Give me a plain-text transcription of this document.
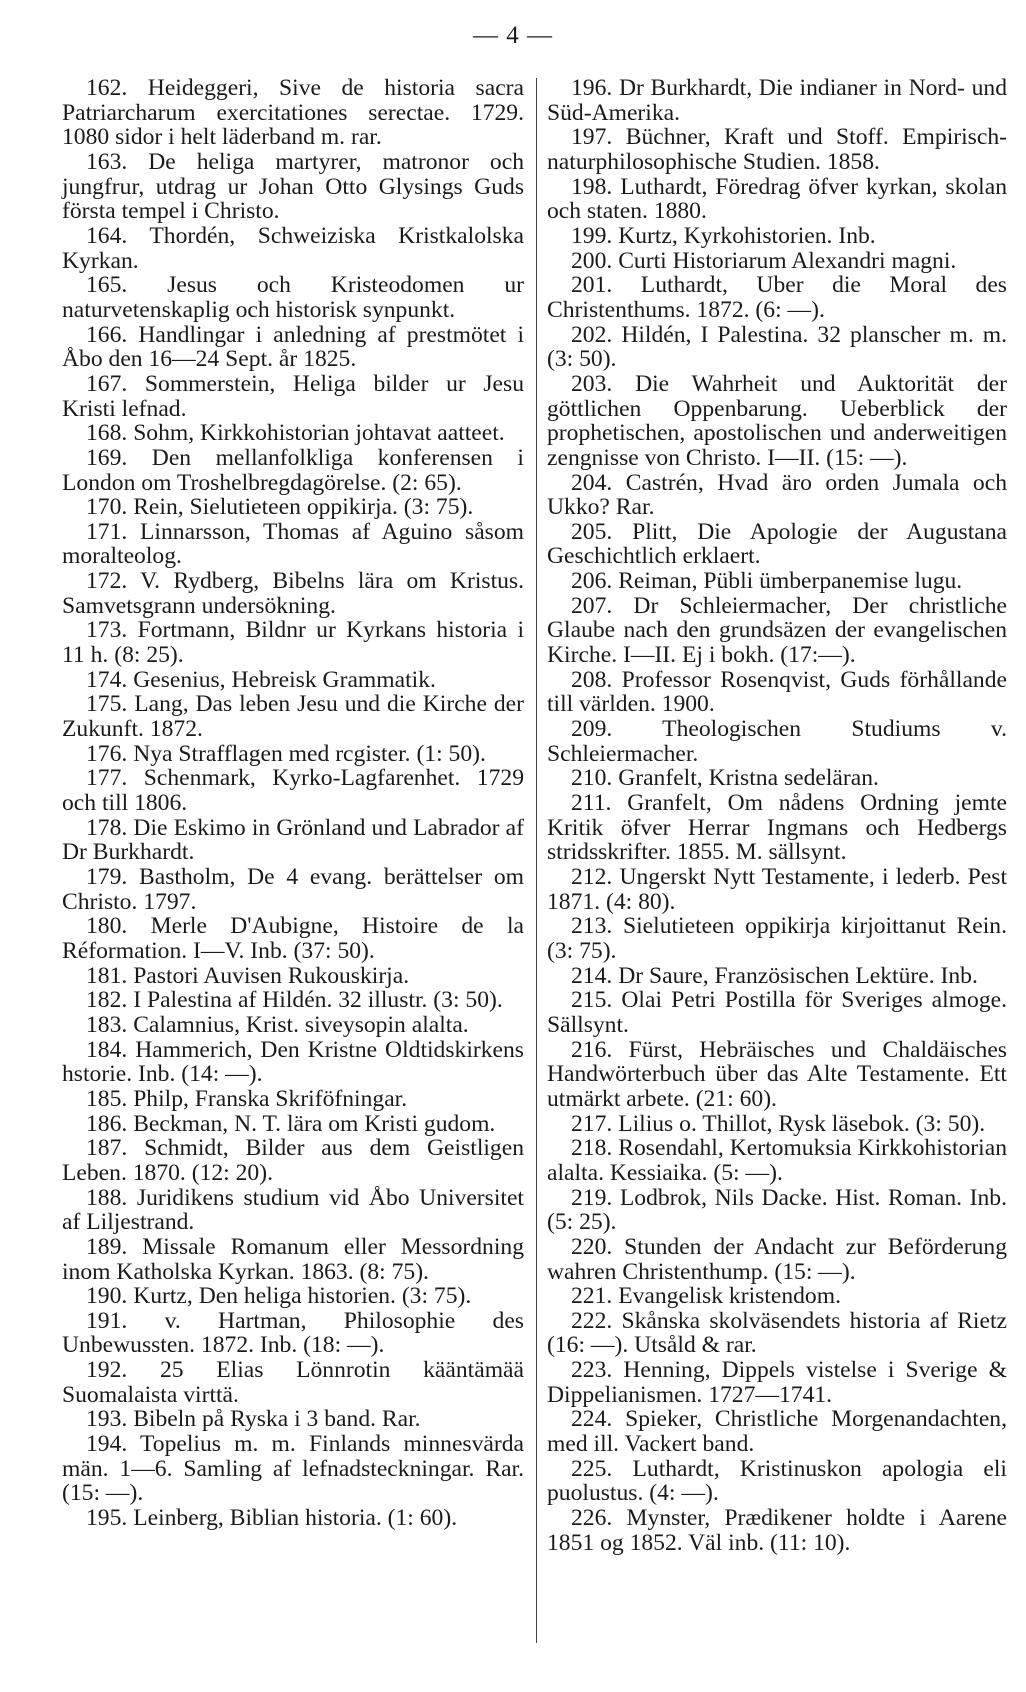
— 4 —

162. Heideggeri, Sive de historia sacra Patriarcharum exercitationes serectae. 1729. 1080 sidor i helt läderband m. rar.

163. De heliga martyrer, matronor och jungfrur, utdrag ur Johan Otto Glysings Guds första tempel i Christo.

164. Thordén, Schweiziska Kristkalolska Kyrkan.

165. Jesus och Kristeodomen ur naturvetenskaplig och historisk synpunkt.

166. Handlingar i anledning af prestmötet i Åbo den 16—24 Sept. år 1825.

167. Sommerstein, Heliga bilder ur Jesu Kristi lefnad.

168. Sohm, Kirkkohistorian johtavat aatteet.

169. Den mellanfolkliga konferensen i London om Troshelbregdagörelse. (2: 65).

170. Rein, Sielutieteen oppikirja. (3: 75).

171. Linnarsson, Thomas af Aguino såsom moralteolog.

172. V. Rydberg, Bibelns lära om Kristus. Samvetsgrann undersökning.

173. Fortmann, Bildnr ur Kyrkans historia i 11 h. (8: 25).

174. Gesenius, Hebreisk Grammatik.

175. Lang, Das leben Jesu und die Kirche der Zukunft. 1872.

176. Nya Strafflagen med rcgister. (1: 50).

177. Schenmark, Kyrko-Lagfarenhet. 1729 och till 1806.

178. Die Eskimo in Grönland und Labrador af Dr Burkhardt.

179. Bastholm, De 4 evang. berättelser om Christo. 1797.

180. Merle D'Aubigne, Histoire de la Réformation. I—V. Inb. (37: 50).

181. Pastori Auvisen Rukouskirja.

182. I Palestina af Hildén. 32 illustr. (3: 50).

183. Calamnius, Krist. siveysopin alalta.

184. Hammerich, Den Kristne Oldtidskirkens hstorie. Inb. (14: —).

185. Philp, Franska Skriföfningar.

186. Beckman, N. T. lära om Kristi gudom.

187. Schmidt, Bilder aus dem Geistligen Leben. 1870. (12: 20).

188. Juridikens studium vid Åbo Universitet af Liljestrand.

189. Missale Romanum eller Messordning inom Katholska Kyrkan. 1863. (8: 75).

190. Kurtz, Den heliga historien. (3: 75).

191. v. Hartman, Philosophie des Unbewussten. 1872. Inb. (18: —).

192. 25 Elias Lönnrotin kääntämää Suomalaista virttä.

193. Bibeln på Ryska i 3 band. Rar.

194. Topelius m. m. Finlands minnesvärda män. 1—6. Samling af lefnadsteckningar. Rar. (15: —).

195. Leinberg, Biblian historia. (1: 60).

196. Dr Burkhardt, Die indianer in Nord- und Süd-Amerika.

197. Büchner, Kraft und Stoff. Empirisch-naturphilosophische Studien. 1858.

198. Luthardt, Föredrag öfver kyrkan, skolan och staten. 1880.

199. Kurtz, Kyrkohistorien. Inb.

200. Curti Historiarum Alexandri magni.

201. Luthardt, Uber die Moral des Christenthums. 1872. (6: —).

202. Hildén, I Palestina. 32 planscher m. m. (3: 50).

203. Die Wahrheit und Auktorität der göttlichen Oppenbarung. Ueberblick der prophetischen, apostolischen und anderweitigen zengnisse von Christo. I—II. (15: —).

204. Castrén, Hvad äro orden Jumala och Ukko? Rar.

205. Plitt, Die Apologie der Augustana Geschichtlich erklaert.

206. Reiman, Pübli ümberpanemise lugu.

207. Dr Schleiermacher, Der christliche Glaube nach den grundsäzen der evangelischen Kirche. I—II. Ej i bokh. (17:—).

208. Professor Rosenqvist, Guds förhållande till världen. 1900.

209. Theologischen Studiums v. Schleiermacher.

210. Granfelt, Kristna sedeläran.

211. Granfelt, Om nådens Ordning jemte Kritik öfver Herrar Ingmans och Hedbergs stridsskrifter. 1855. M. sällsynt.

212. Ungerskt Nytt Testamente, i lederb. Pest 1871. (4: 80).

213. Sielutieteen oppikirja kirjoittanut Rein. (3: 75).

214. Dr Saure, Französischen Lektüre. Inb.

215. Olai Petri Postilla för Sveriges almoge. Sällsynt.

216. Fürst, Hebräisches und Chaldäisches Handwörterbuch über das Alte Testamente. Ett utmärkt arbete. (21: 60).

217. Lilius o. Thillot, Rysk läsebok. (3: 50).

218. Rosendahl, Kertomuksia Kirkkohistorian alalta. Kessiaika. (5: —).

219. Lodbrok, Nils Dacke. Hist. Roman. Inb. (5: 25).

220. Stunden der Andacht zur Beförderung wahren Christenthump. (15: —).

221. Evangelisk kristendom.

222. Skånska skolväsendets historia af Rietz (16: —). Utsåld & rar.

223. Henning, Dippels vistelse i Sverige & Dippelianismen. 1727—1741.

224. Spieker, Christliche Morgenandachten, med ill. Vackert band.

225. Luthardt, Kristinuskon apologia eli puolustus. (4: —).

226. Mynster, Prædikener holdte i Aarene 1851 og 1852. Väl inb. (11: 10).
